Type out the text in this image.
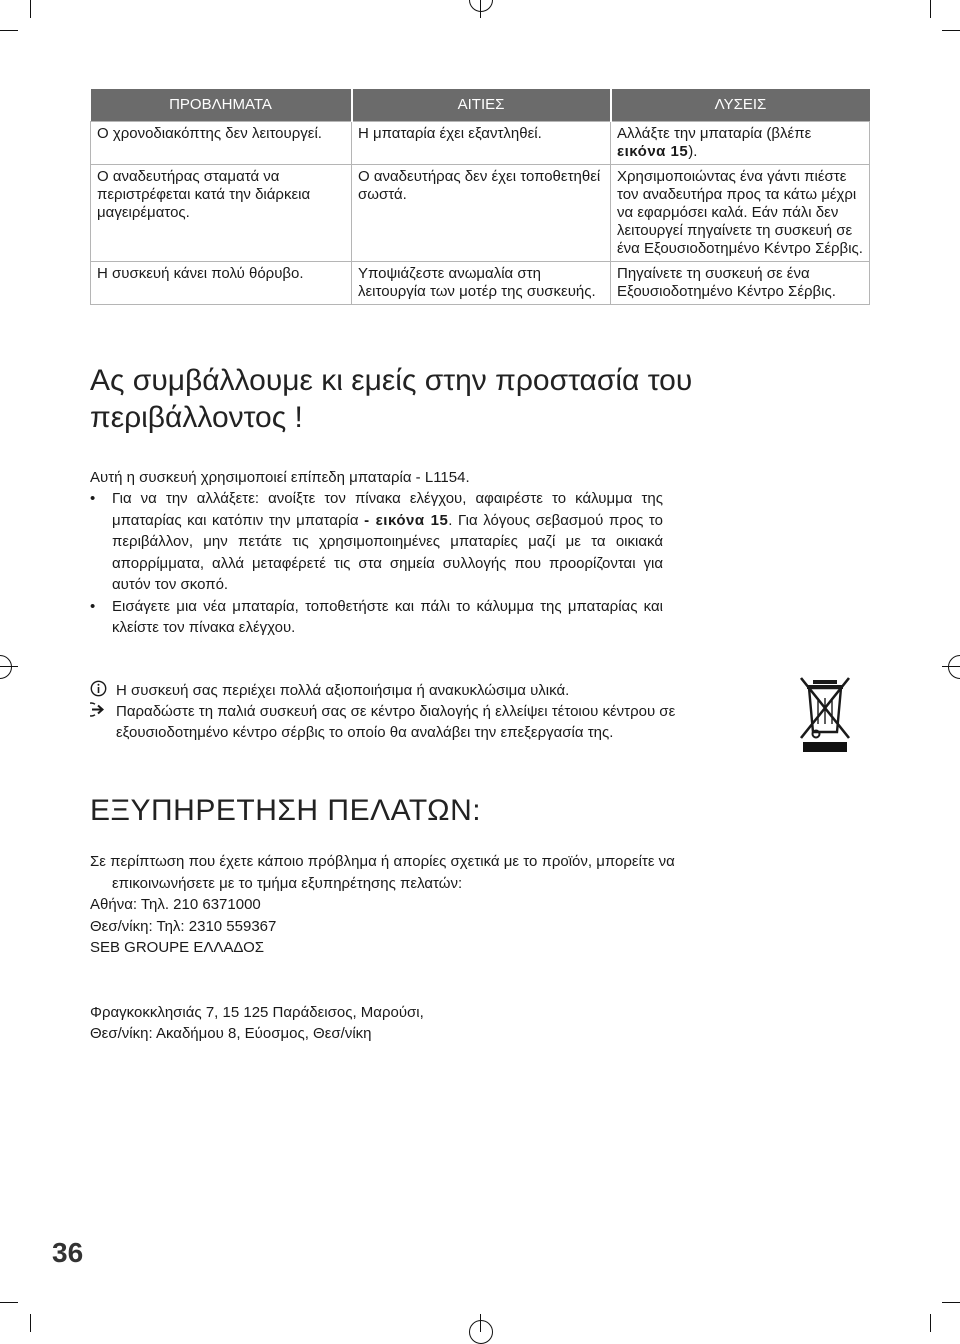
ΠΡΟΒΛΗΜΑΤΑ	ΑΙΤΙΕΣ	ΛΥΣΕΙΣ
Ο χρονοδιακόπτης δεν λειτουργεί.	Η μπαταρία έχει εξαντληθεί.	Αλλάξτε την μπαταρία (βλέπε
εικόνα 15).
Ο αναδευτήρας σταματά να περιστρέφεται κατά την διάρκεια μαγειρέματος.	Ο αναδευτήρας δεν έχει τοποθετηθεί σωστά.	Χρησιμοποιώντας ένα γάντι πιέστε τον αναδευτήρα προς τα κάτω μέχρι να εφαρμόσει καλά. Εάν πάλι δεν λειτουργεί πηγαίνετε τη συσκευή σε ένα Εξουσιοδοτημένο Κέντρο Σέρβις.
Η συσκευή κάνει πολύ θόρυβο.	Υποψιάζεστε ανωμαλία στη λειτουργία των μοτέρ της συσκευής.	Πηγαίνετε τη συσκευή σε ένα Εξουσιοδοτημένο Κέντρο Σέρβις.
Ας συμβάλλουμε κι εμείς στην προστασία του περιβάλλοντος !
Αυτή η συσκευή χρησιμοποιεί επίπεδη μπαταρία - L1154.
• Για να την αλλάξετε: ανοίξτε τον πίνακα ελέγχου, αφαιρέστε το κάλυμμα της μπαταρίας και κατόπιν την μπαταρία - εικόνα 15. Για λόγους σεβασμού προς το περιβάλλον, μην πετάτε τις χρησιμοποιημένες μπαταρίες μαζί με τα οικιακά απορρίμματα, αλλά μεταφέρετέ τις στα σημεία συλλογής που προορίζονται για αυτόν τον σκοπό.
• Εισάγετε μια νέα μπαταρία, τοποθετήστε και πάλι το κάλυμμα της μπαταρίας και κλείστε τον πίνακα ελέγχου.
Η συσκευή σας περιέχει πολλά αξιοποιήσιμα ή ανακυκλώσιμα υλικά.
Παραδώστε τη παλιά συσκευή σας σε κέντρο διαλογής ή ελλείψει τέτοιου κέντρου σε εξουσιοδοτημένο κέντρο σέρβις το οποίο θα αναλάβει την επεξεργασία της.
ΕΞΥΠΗΡΕΤΗΣΗ ΠΕΛΑΤΩΝ:
Σε περίπτωση που έχετε κάποιο πρόβλημα ή απορίες σχετικά με το προϊόν, μπορείτε να
επικοινωνήσετε με το τμήμα εξυπηρέτησης πελατών:
Αθήνα: Τηλ. 210 6371000
Θεσ/νίκη: Τηλ: 2310 559367
SEB GROUPE ΕΛΛΑΔΟΣ
Φραγκοκκλησιάς 7, 15 125 Παράδεισος, Μαρούσι,
Θεσ/νίκη: Ακαδήμου 8, Εύοσμος, Θεσ/νίκη
36
